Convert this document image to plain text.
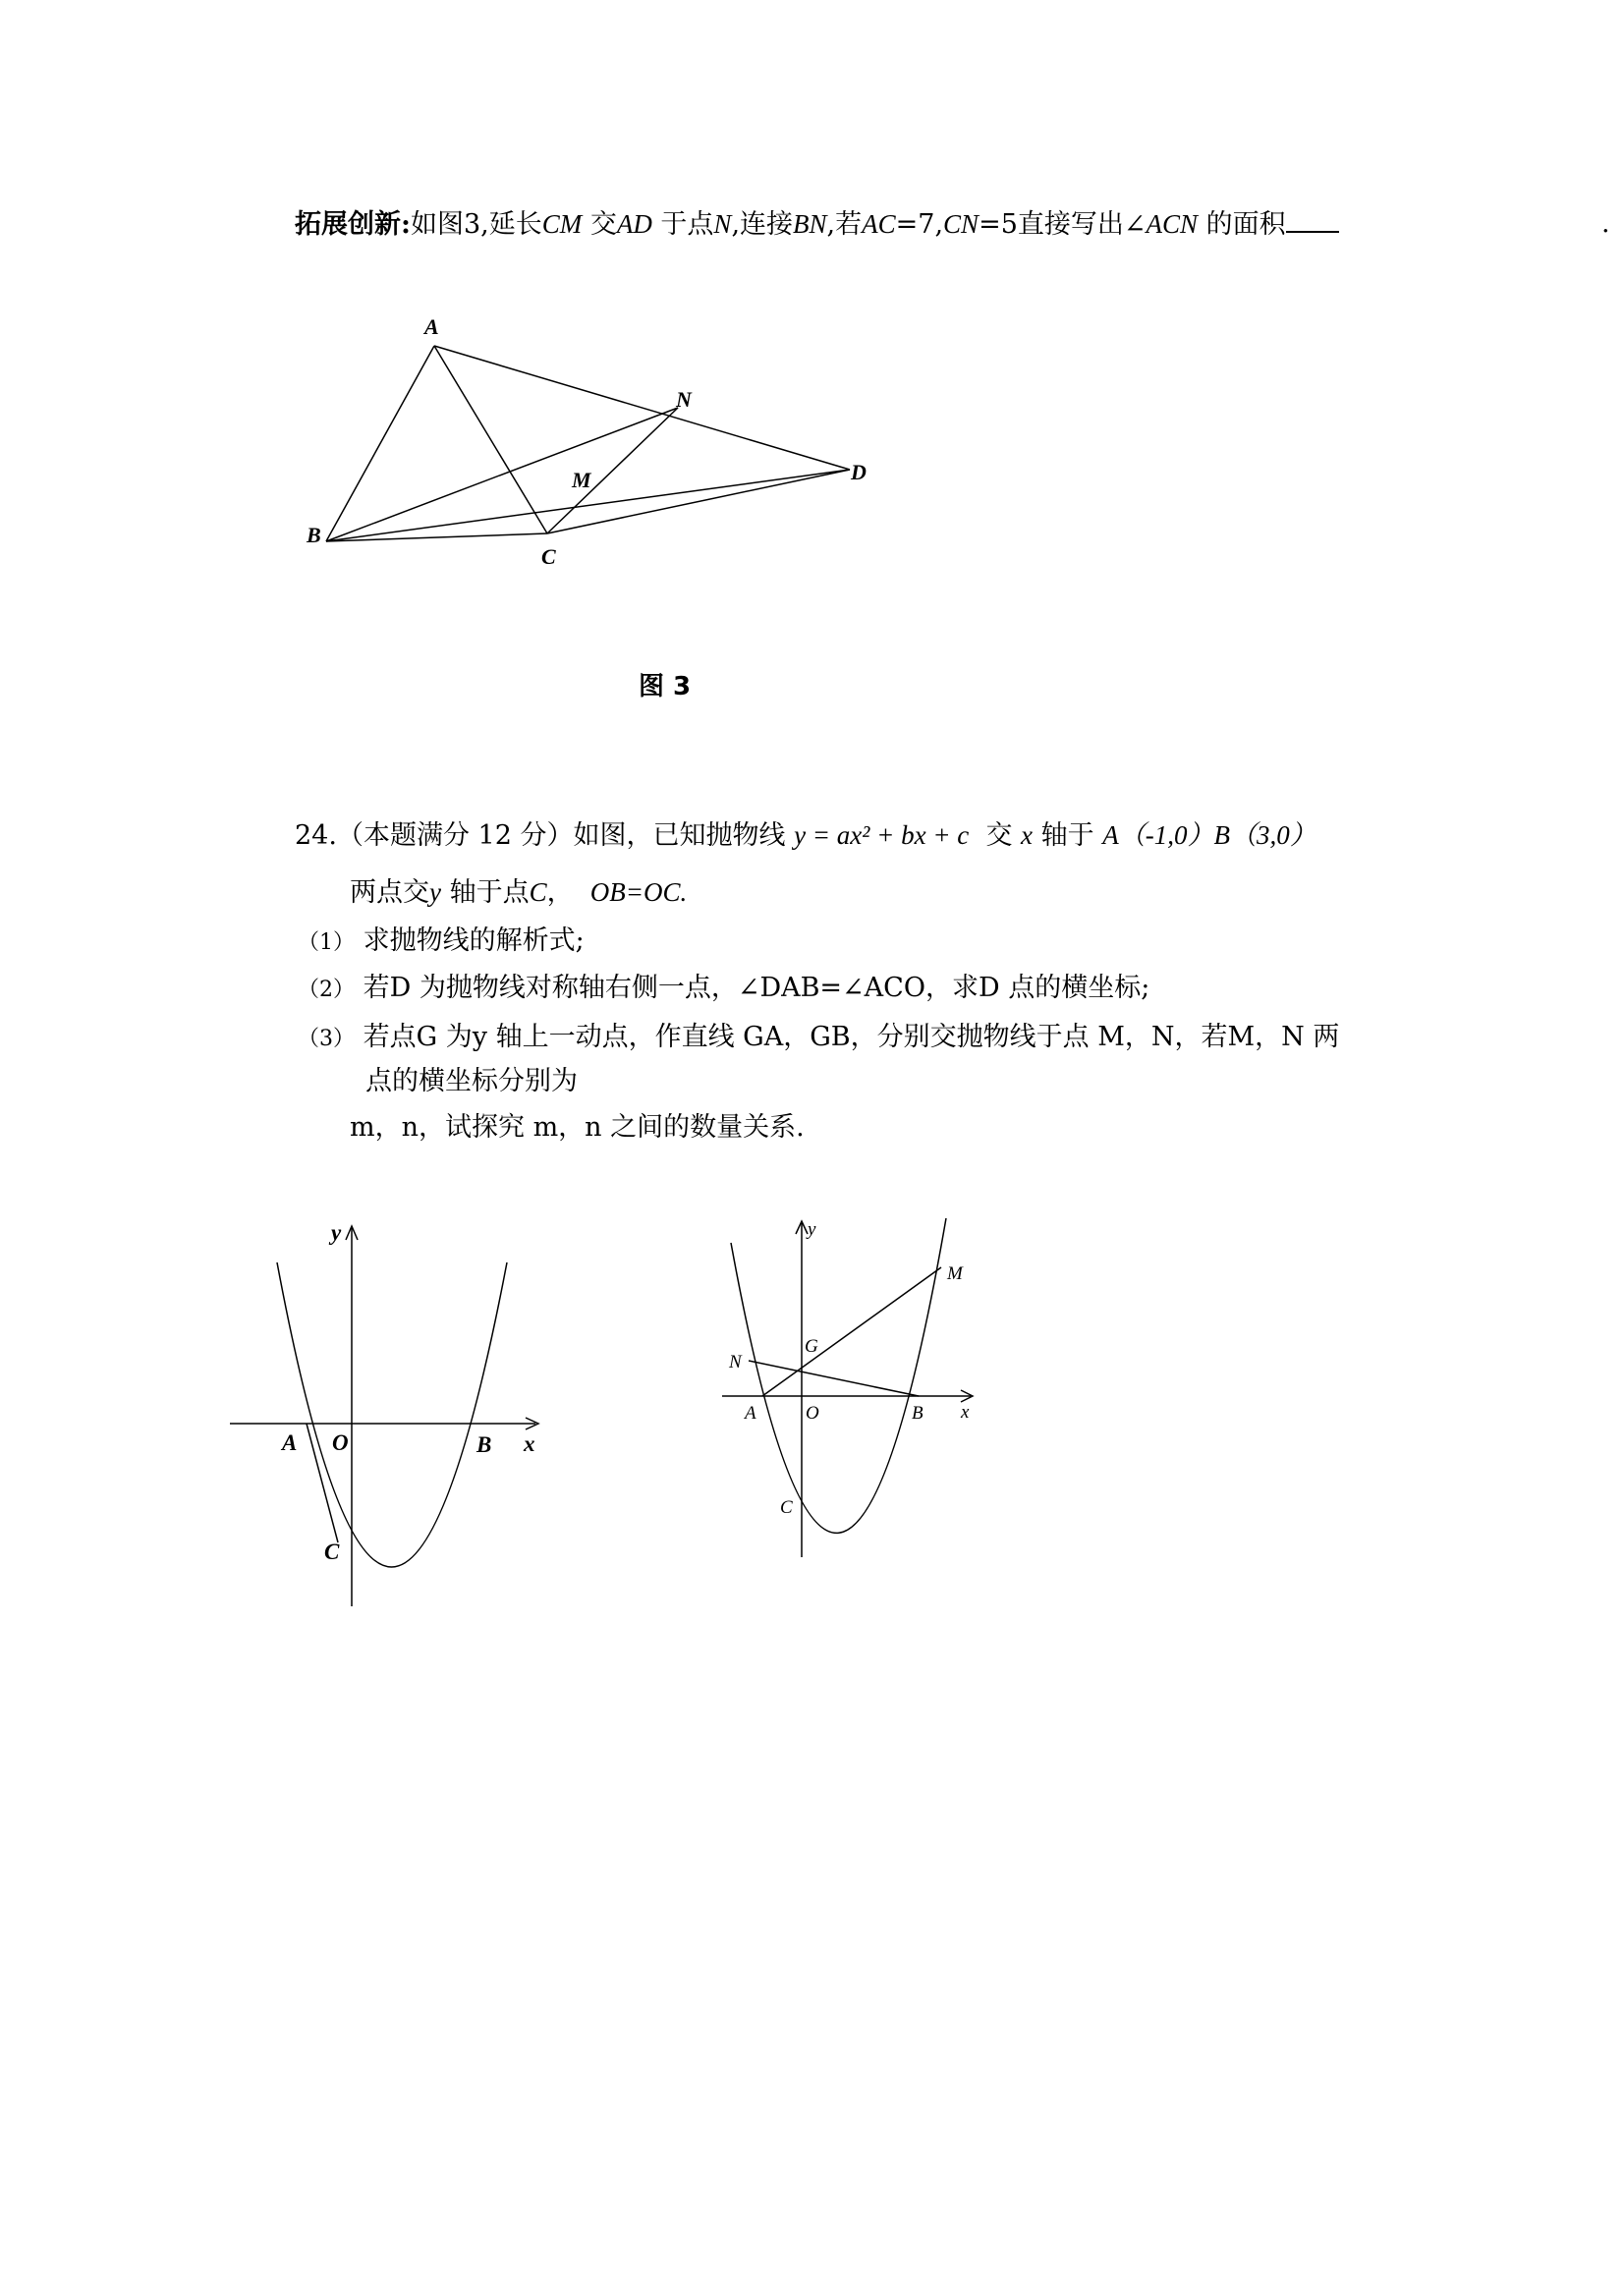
拓展创新:如图3,延长CM 交AD 于点N,连接BN,若AC=7,CN=5直接写出∠ACN 的面积	.
A
B
C
D
M
N
图 3
24.（本题满分 12 分）如图，已知抛物线 y = ax² + bx + c 交 x 轴于 A（-1,0）B（3,0）
两点交y 轴于点C， OB=OC.
（1） 求抛物线的解析式;
（2） 若D 为抛物线对称轴右侧一点，∠DAB=∠ACO，求D 点的横坐标;
（3） 若点G 为y 轴上一动点，作直线 GA，GB，分别交抛物线于点 M，N，若M，N 两
点的横坐标分别为
m，n，试探究 m，n 之间的数量关系.
y
x
A O	B
C
y
x
A	O	B
C
G
N
M
